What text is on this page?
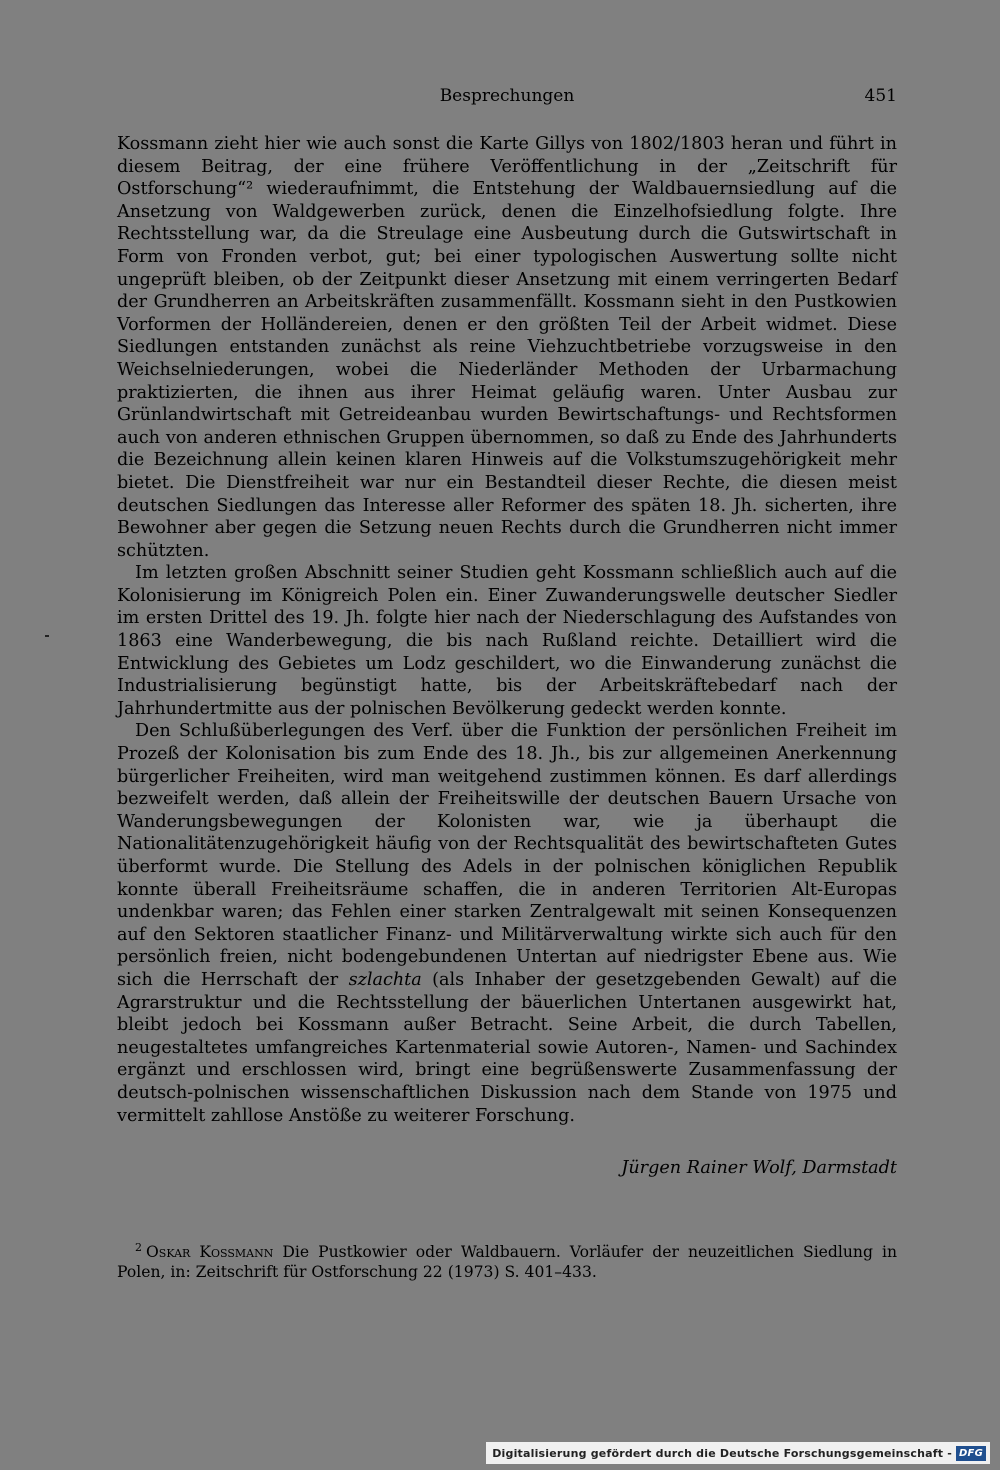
Besprechungen	451

Kossmann zieht hier wie auch sonst die Karte Gillys von 1802/1803 heran und führt in diesem Beitrag, der eine frühere Veröffentlichung in der „Zeitschrift für Ostforschung“² wiederaufnimmt, die Entstehung der Waldbauernsiedlung auf die Ansetzung von Waldgewerben zurück, denen die Einzelhofsiedlung folgte. Ihre Rechtsstellung war, da die Streulage eine Ausbeutung durch die Gutswirtschaft in Form von Fronden verbot, gut; bei einer typologischen Auswertung sollte nicht ungeprüft bleiben, ob der Zeitpunkt dieser Ansetzung mit einem verringerten Bedarf der Grundherren an Arbeitskräften zusammenfällt. Kossmann sieht in den Pustkowien Vorformen der Holländereien, denen er den größten Teil der Arbeit widmet. Diese Siedlungen entstanden zunächst als reine Viehzuchtbetriebe vorzugsweise in den Weichselniederungen, wobei die Niederländer Methoden der Urbarmachung praktizierten, die ihnen aus ihrer Heimat geläufig waren. Unter Ausbau zur Grünlandwirtschaft mit Getreideanbau wurden Bewirtschaftungs- und Rechtsformen auch von anderen ethnischen Gruppen übernommen, so daß zu Ende des Jahrhunderts die Bezeichnung allein keinen klaren Hinweis auf die Volkstumszugehörigkeit mehr bietet. Die Dienstfreiheit war nur ein Bestandteil dieser Rechte, die diesen meist deutschen Siedlungen das Interesse aller Reformer des späten 18. Jh. sicherten, ihre Bewohner aber gegen die Setzung neuen Rechts durch die Grundherren nicht immer schützten.

Im letzten großen Abschnitt seiner Studien geht Kossmann schließlich auch auf die Kolonisierung im Königreich Polen ein. Einer Zuwanderungswelle deutscher Siedler im ersten Drittel des 19. Jh. folgte hier nach der Niederschlagung des Aufstandes von 1863 eine Wanderbewegung, die bis nach Rußland reichte. Detailliert wird die Entwicklung des Gebietes um Lodz geschildert, wo die Einwanderung zunächst die Industrialisierung begünstigt hatte, bis der Arbeitskräftebedarf nach der Jahrhundertmitte aus der polnischen Bevölkerung gedeckt werden konnte.

Den Schlußüberlegungen des Verf. über die Funktion der persönlichen Freiheit im Prozeß der Kolonisation bis zum Ende des 18. Jh., bis zur allgemeinen Anerkennung bürgerlicher Freiheiten, wird man weitgehend zustimmen können. Es darf allerdings bezweifelt werden, daß allein der Freiheitswille der deutschen Bauern Ursache von Wanderungsbewegungen der Kolonisten war, wie ja überhaupt die Nationalitätenzugehörigkeit häufig von der Rechtsqualität des bewirtschafteten Gutes überformt wurde. Die Stellung des Adels in der polnischen königlichen Republik konnte überall Freiheitsräume schaffen, die in anderen Territorien Alt-Europas undenkbar waren; das Fehlen einer starken Zentralgewalt mit seinen Konsequenzen auf den Sektoren staatlicher Finanz- und Militärverwaltung wirkte sich auch für den persönlich freien, nicht bodengebundenen Untertan auf niedrigster Ebene aus. Wie sich die Herrschaft der szlachta (als Inhaber der gesetzgebenden Gewalt) auf die Agrarstruktur und die Rechtsstellung der bäuerlichen Untertanen ausgewirkt hat, bleibt jedoch bei Kossmann außer Betracht. Seine Arbeit, die durch Tabellen, neugestaltetes umfangreiches Kartenmaterial sowie Autoren-, Namen- und Sachindex ergänzt und erschlossen wird, bringt eine begrüßenswerte Zusammenfassung der deutsch-polnischen wissenschaftlichen Diskussion nach dem Stande von 1975 und vermittelt zahllose Anstöße zu weiterer Forschung.

Jürgen Rainer Wolf, Darmstadt
$^2$ Oskar Kossmann Die Pustkowier oder Waldbauern. Vorläufer der neuzeitlichen Siedlung in Polen, in: Zeitschrift für Ostforschung 22 (1973) S. 401–433.
Digitalisierung gefördert durch die Deutsche Forschungsgemeinschaft - DFG
